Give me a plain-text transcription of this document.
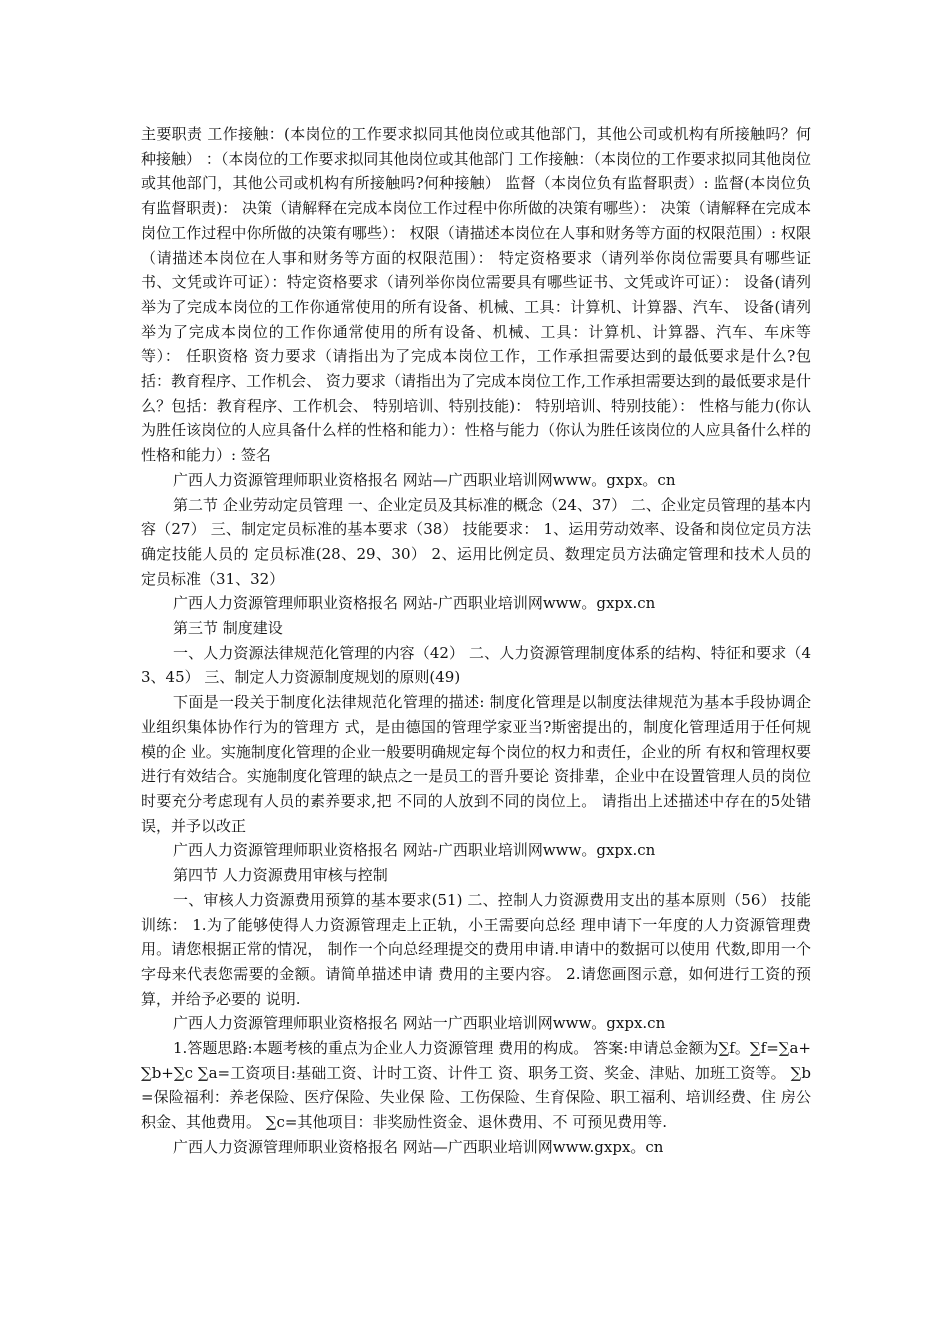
主要职责 工作接触：(本岗位的工作要求拟同其他岗位或其他部门，其他公司或机构有所接触吗？何种接触） ：（本岗位的工作要求拟同其他岗位或其他部门 工作接触：（本岗位的工作要求拟同其他岗位或其他部门，其他公司或机构有所接触吗?何种接触） 监督（本岗位负有监督职责）: 监督(本岗位负有监督职责)： 决策（请解释在完成本岗位工作过程中你所做的决策有哪些）： 决策（请解释在完成本岗位工作过程中你所做的决策有哪些）： 权限（请描述本岗位在人事和财务等方面的权限范围）: 权限（请描述本岗位在人事和财务等方面的权限范围）： 特定资格要求（请列举你岗位需要具有哪些证书、文凭或许可证）：特定资格要求（请列举你岗位需要具有哪些证书、文凭或许可证）： 设备(请列举为了完成本岗位的工作你通常使用的所有设备、机械、工具：计算机、计算器、汽车、 设备(请列举为了完成本岗位的工作你通常使用的所有设备、机械、工具：计算机、计算器、汽车、车床等 等）： 任职资格 资力要求（请指出为了完成本岗位工作，工作承担需要达到的最低要求是什么?包括：教育程序、工作机会、 资力要求（请指出为了完成本岗位工作,工作承担需要达到的最低要求是什么？包括：教育程序、工作机会、 特别培训、特别技能)： 特别培训、特别技能）： 性格与能力(你认为胜任该岗位的人应具备什么样的性格和能力）：性格与能力（你认为胜任该岗位的人应具备什么样的性格和能力）: 签名

广西人力资源管理师职业资格报名 网站—广西职业培训网www。gxpx。cn

第二节 企业劳动定员管理 一、企业定员及其标准的概念（24、37） 二、企业定员管理的基本内容（27） 三、制定定员标准的基本要求（38） 技能要求： 1、运用劳动效率、设备和岗位定员方法确定技能人员的 定员标准(28、29、30） 2、运用比例定员、数理定员方法确定管理和技术人员的 定员标准（31、32）

广西人力资源管理师职业资格报名 网站-广西职业培训网www。gxpx.cn

第三节 制度建设

一、人力资源法律规范化管理的内容（42） 二、人力资源管理制度体系的结构、特征和要求（43、45） 三、制定人力资源制度规划的原则(49)

下面是一段关于制度化法律规范化管理的描述: 制度化管理是以制度法律规范为基本手段协调企业组织集体协作行为的管理方 式，是由德国的管理学家亚当?斯密提出的，制度化管理适用于任何规模的企 业。实施制度化管理的企业一般要明确规定每个岗位的权力和责任，企业的所 有权和管理权要进行有效结合。实施制度化管理的缺点之一是员工的晋升要论 资排辈，企业中在设置管理人员的岗位时要充分考虑现有人员的素养要求,把 不同的人放到不同的岗位上。 请指出上述描述中存在的5处错误，并予以改正

广西人力资源管理师职业资格报名 网站-广西职业培训网www。gxpx.cn

第四节 人力资源费用审核与控制

一、审核人力资源费用预算的基本要求(51) 二、控制人力资源费用支出的基本原则（56） 技能训练： 1.为了能够使得人力资源管理走上正轨，小王需要向总经 理申请下一年度的人力资源管理费用。请您根据正常的情况， 制作一个向总经理提交的费用申请.申请中的数据可以使用 代数,即用一个字母来代表您需要的金额。请简单描述申请 费用的主要内容。 2.请您画图示意，如何进行工资的预算，并给予必要的 说明.

广西人力资源管理师职业资格报名 网站一广西职业培训网www。gxpx.cn

1.答题思路:本题考核的重点为企业人力资源管理 费用的构成。 答案:申请总金额为∑f。∑f=∑a+∑b+∑c ∑a=工资项目:基础工资、计时工资、计件工 资、职务工资、奖金、津贴、加班工资等。 ∑b=保险福利：养老保险、医疗保险、失业保 险、工伤保险、生育保险、职工福利、培训经费、住 房公积金、其他费用。 ∑c=其他项目：非奖励性资金、退休费用、不 可预见费用等.

广西人力资源管理师职业资格报名 网站—广西职业培训网www.gxpx。cn
